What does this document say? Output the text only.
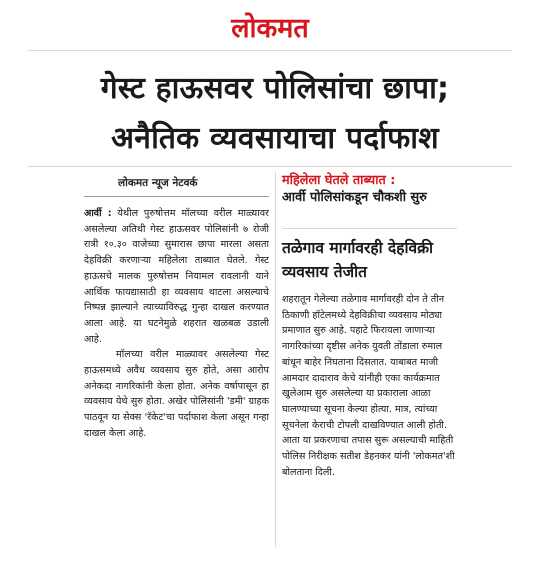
लोकमत
गेस्ट हाऊसवर पोलिसांचा छापा;
अनैतिक व्यवसायाचा पर्दाफाश
लोकमत न्यूज नेटवर्क

आर्वी : येथील पुरुषोत्तम मॉलच्या वरील माळ्यावर असलेल्या अतिथी गेस्ट हाऊसवर पोलिसांनी ७ रोजी रात्री १०.३० वाजेच्या सुमारास छापा मारला असता देहविक्री करणाऱ्या महिलेला ताब्यात घेतले. गेस्ट हाऊसचे मालक पुरुषोत्तम नियामल रावलानी याने आर्थिक फायद्यासाठी हा व्यवसाय थाटला असल्याचे निष्पन्न झाल्याने त्याच्याविरुद्ध गुन्हा दाखल करण्यात आला आहे. या घटनेमुळे शहरात खळबळ उडाली आहे.

मॉलच्या वरील माळ्यावर असलेल्या गेस्ट हाऊसमध्ये अवैध व्यवसाय सुरु होते, असा आरोप अनेकदा नागरिकांनी केला होता. अनेक वर्षापासून हा व्यवसाय येथे सुरु होता. अखेर पोलिसांनी 'डमी' ग्राहक पाठवून या सेक्स 'रॅकेट'चा पर्दाफाश केला असून गन्हा दाखल केला आहे.

महिलेला घेतले ताब्यात :
आर्वी पोलिसांकडून चौकशी सुरु
तळेगाव मार्गावरही देहविक्री व्यवसाय तेजीत

शहरातून गेलेल्या तळेगाव मार्गावरही दोन ते तीन ठिकाणी हॉटेलमध्ये देहविक्रीचा व्यवसाय मोठ्या प्रमाणात सुरु आहे. पहाटे फिरायला जाणाऱ्या नागरिकांच्या दृष्टीस अनेक युवती तोंडाला रुमाल बांधून बाहेर निघताना दिसतात. याबाबत माजी आमदार दादाराव केचे यांनीही एका कार्यक्रमात खुलेआम सुरु असलेल्या या प्रकाराला आळा घालण्याच्या सूचना केल्या होत्या. मात्र, त्यांच्या सूचनेला केराची टोपली दाखविण्यात आली होती. आता या प्रकरणाचा तपास सुरू असल्याची माहिती पोलिस निरीक्षक सतीश डेहनकर यांनी 'लोकमत'शी बोलताना दिली.
